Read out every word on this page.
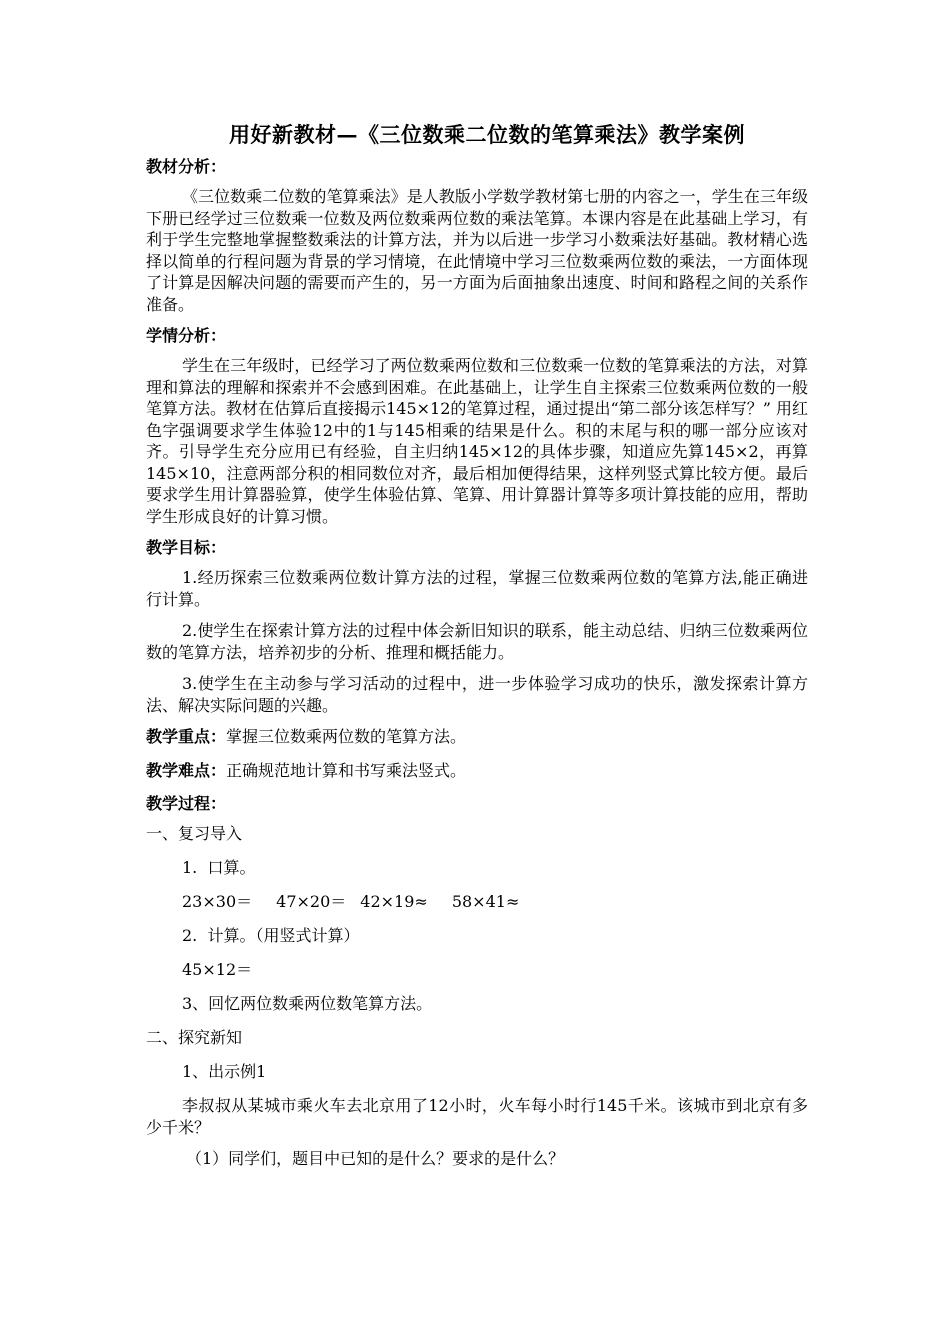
用好新教材—《三位数乘二位数的笔算乘法》教学案例
教材分析：
《三位数乘二位数的笔算乘法》是人教版小学数学教材第七册的内容之一，学生在三年级下册已经学过三位数乘一位数及两位数乘两位数的乘法笔算。本课内容是在此基础上学习，有利于学生完整地掌握整数乘法的计算方法，并为以后进一步学习小数乘法好基础。教材精心选择以简单的行程问题为背景的学习情境，在此情境中学习三位数乘两位数的乘法，一方面体现了计算是因解决问题的需要而产生的，另一方面为后面抽象出速度、时间和路程之间的关系作准备。
学情分析：
学生在三年级时，已经学习了两位数乘两位数和三位数乘一位数的笔算乘法的方法，对算理和算法的理解和探索并不会感到困难。在此基础上，让学生自主探索三位数乘两位数的一般笔算方法。教材在估算后直接揭示145×12的笔算过程，通过提出“第二部分该怎样写？” 用红色字强调要求学生体验12中的1与145相乘的结果是什么。积的末尾与积的哪一部分应该对齐。引导学生充分应用已有经验，自主归纳145×12的具体步骤，知道应先算145×2，再算145×10，注意两部分积的相同数位对齐，最后相加便得结果，这样列竖式算比较方便。最后要求学生用计算器验算，使学生体验估算、笔算、用计算器计算等多项计算技能的应用，帮助学生形成良好的计算习惯。
教学目标：
1.经历探索三位数乘两位数计算方法的过程，掌握三位数乘两位数的笔算方法,能正确进行计算。
2.使学生在探索计算方法的过程中体会新旧知识的联系，能主动总结、归纳三位数乘两位数的笔算方法，培养初步的分析、推理和概括能力。
3.使学生在主动参与学习活动的过程中，进一步体验学习成功的快乐，激发探索计算方法、解决实际问题的兴趣。
教学重点：掌握三位数乘两位数的笔算方法。
教学难点：正确规范地计算和书写乘法竖式。
教学过程：
一、复习导入
1.  口算。
23×30＝ 47×20＝ 42×19≈ 58×41≈
2.  计算。（用竖式计算）
45×12＝
3、回忆两位数乘两位数笔算方法。
二、探究新知
1、出示例1
李叔叔从某城市乘火车去北京用了12小时，火车每小时行145千米。该城市到北京有多少千米？
（1）同学们，题目中已知的是什么？要求的是什么？
